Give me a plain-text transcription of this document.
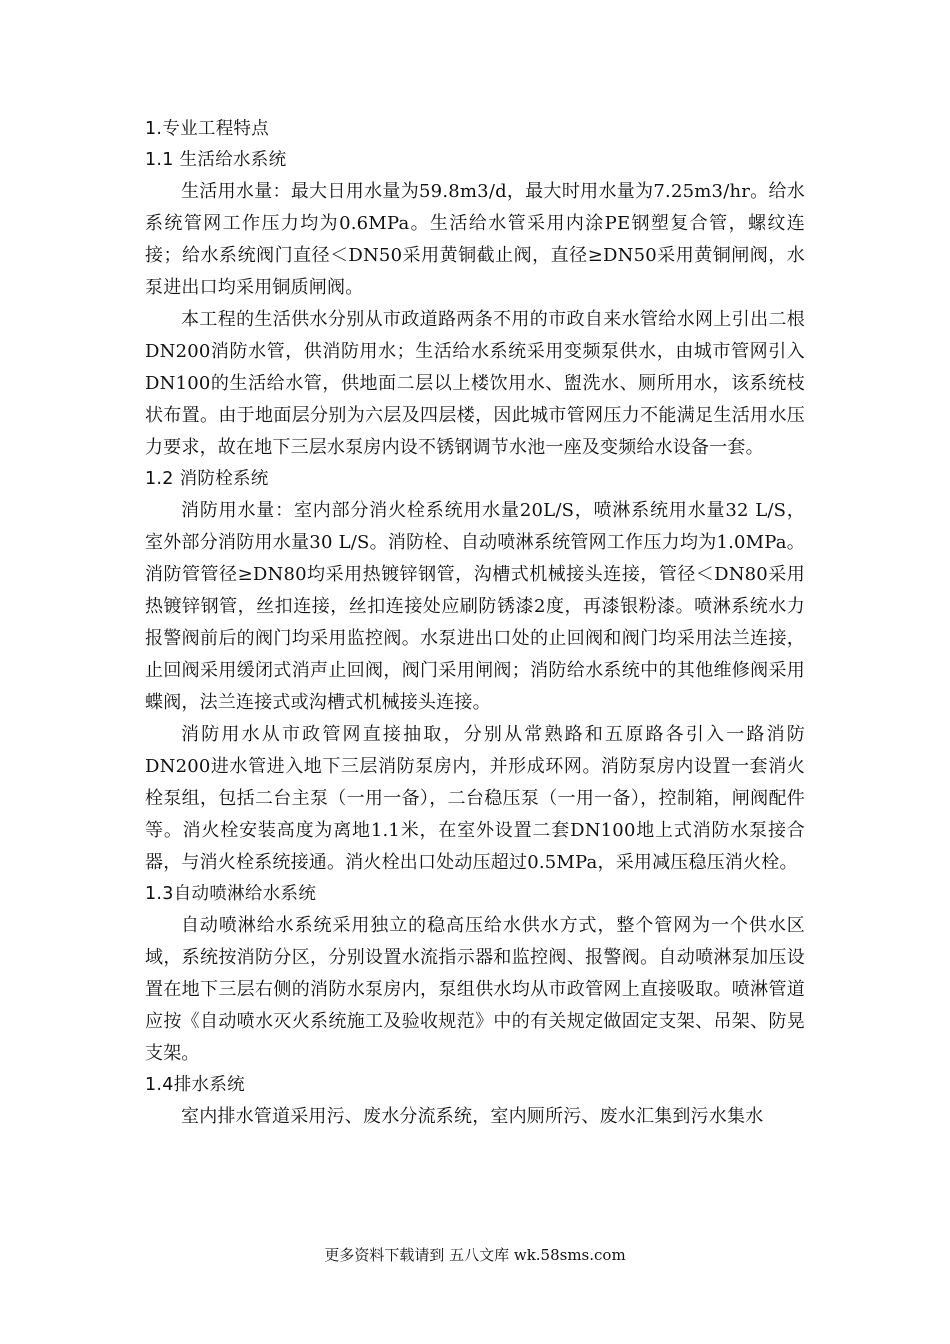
1.专业工程特点
1.1 生活给水系统

生活用水量：最大日用水量为59.8m3/d，最大时用水量为7.25m3/hr。给水系统管网工作压力均为0.6MPa。生活给水管采用内涂PE钢塑复合管，螺纹连接；给水系统阀门直径＜DN50采用黄铜截止阀，直径≥DN50采用黄铜闸阀，水泵进出口均采用铜质闸阀。

本工程的生活供水分别从市政道路两条不用的市政自来水管给水网上引出二根DN200消防水管，供消防用水；生活给水系统采用变频泵供水，由城市管网引入DN100的生活给水管，供地面二层以上楼饮用水、盥洗水、厕所用水，该系统枝状布置。由于地面层分别为六层及四层楼，因此城市管网压力不能满足生活用水压力要求，故在地下三层水泵房内设不锈钢调节水池一座及变频给水设备一套。

1.2 消防栓系统

消防用水量：室内部分消火栓系统用水量20L/S，喷淋系统用水量32 L/S，室外部分消防用水量30 L/S。消防栓、自动喷淋系统管网工作压力均为1.0MPa。消防管管径≥DN80均采用热镀锌钢管，沟槽式机械接头连接，管径＜DN80采用热镀锌钢管，丝扣连接，丝扣连接处应刷防锈漆2度，再漆银粉漆。喷淋系统水力报警阀前后的阀门均采用监控阀。水泵进出口处的止回阀和阀门均采用法兰连接，止回阀采用缓闭式消声止回阀，阀门采用闸阀；消防给水系统中的其他维修阀采用蝶阀，法兰连接式或沟槽式机械接头连接。

消防用水从市政管网直接抽取，分别从常熟路和五原路各引入一路消防DN200进水管进入地下三层消防泵房内，并形成环网。消防泵房内设置一套消火栓泵组，包括二台主泵（一用一备），二台稳压泵（一用一备），控制箱，闸阀配件等。消火栓安装高度为离地1.1米，在室外设置二套DN100地上式消防水泵接合器，与消火栓系统接通。消火栓出口处动压超过0.5MPa，采用减压稳压消火栓。

1.3自动喷淋给水系统

自动喷淋给水系统采用独立的稳高压给水供水方式，整个管网为一个供水区域，系统按消防分区，分别设置水流指示器和监控阀、报警阀。自动喷淋泵加压设置在地下三层右侧的消防水泵房内，泵组供水均从市政管网上直接吸取。喷淋管道应按《自动喷水灭火系统施工及验收规范》中的有关规定做固定支架、吊架、防晃支架。

1.4排水系统

室内排水管道采用污、废水分流系统，室内厕所污、废水汇集到污水集水

更多资料下载请到 五八文库 wk.58sms.com
